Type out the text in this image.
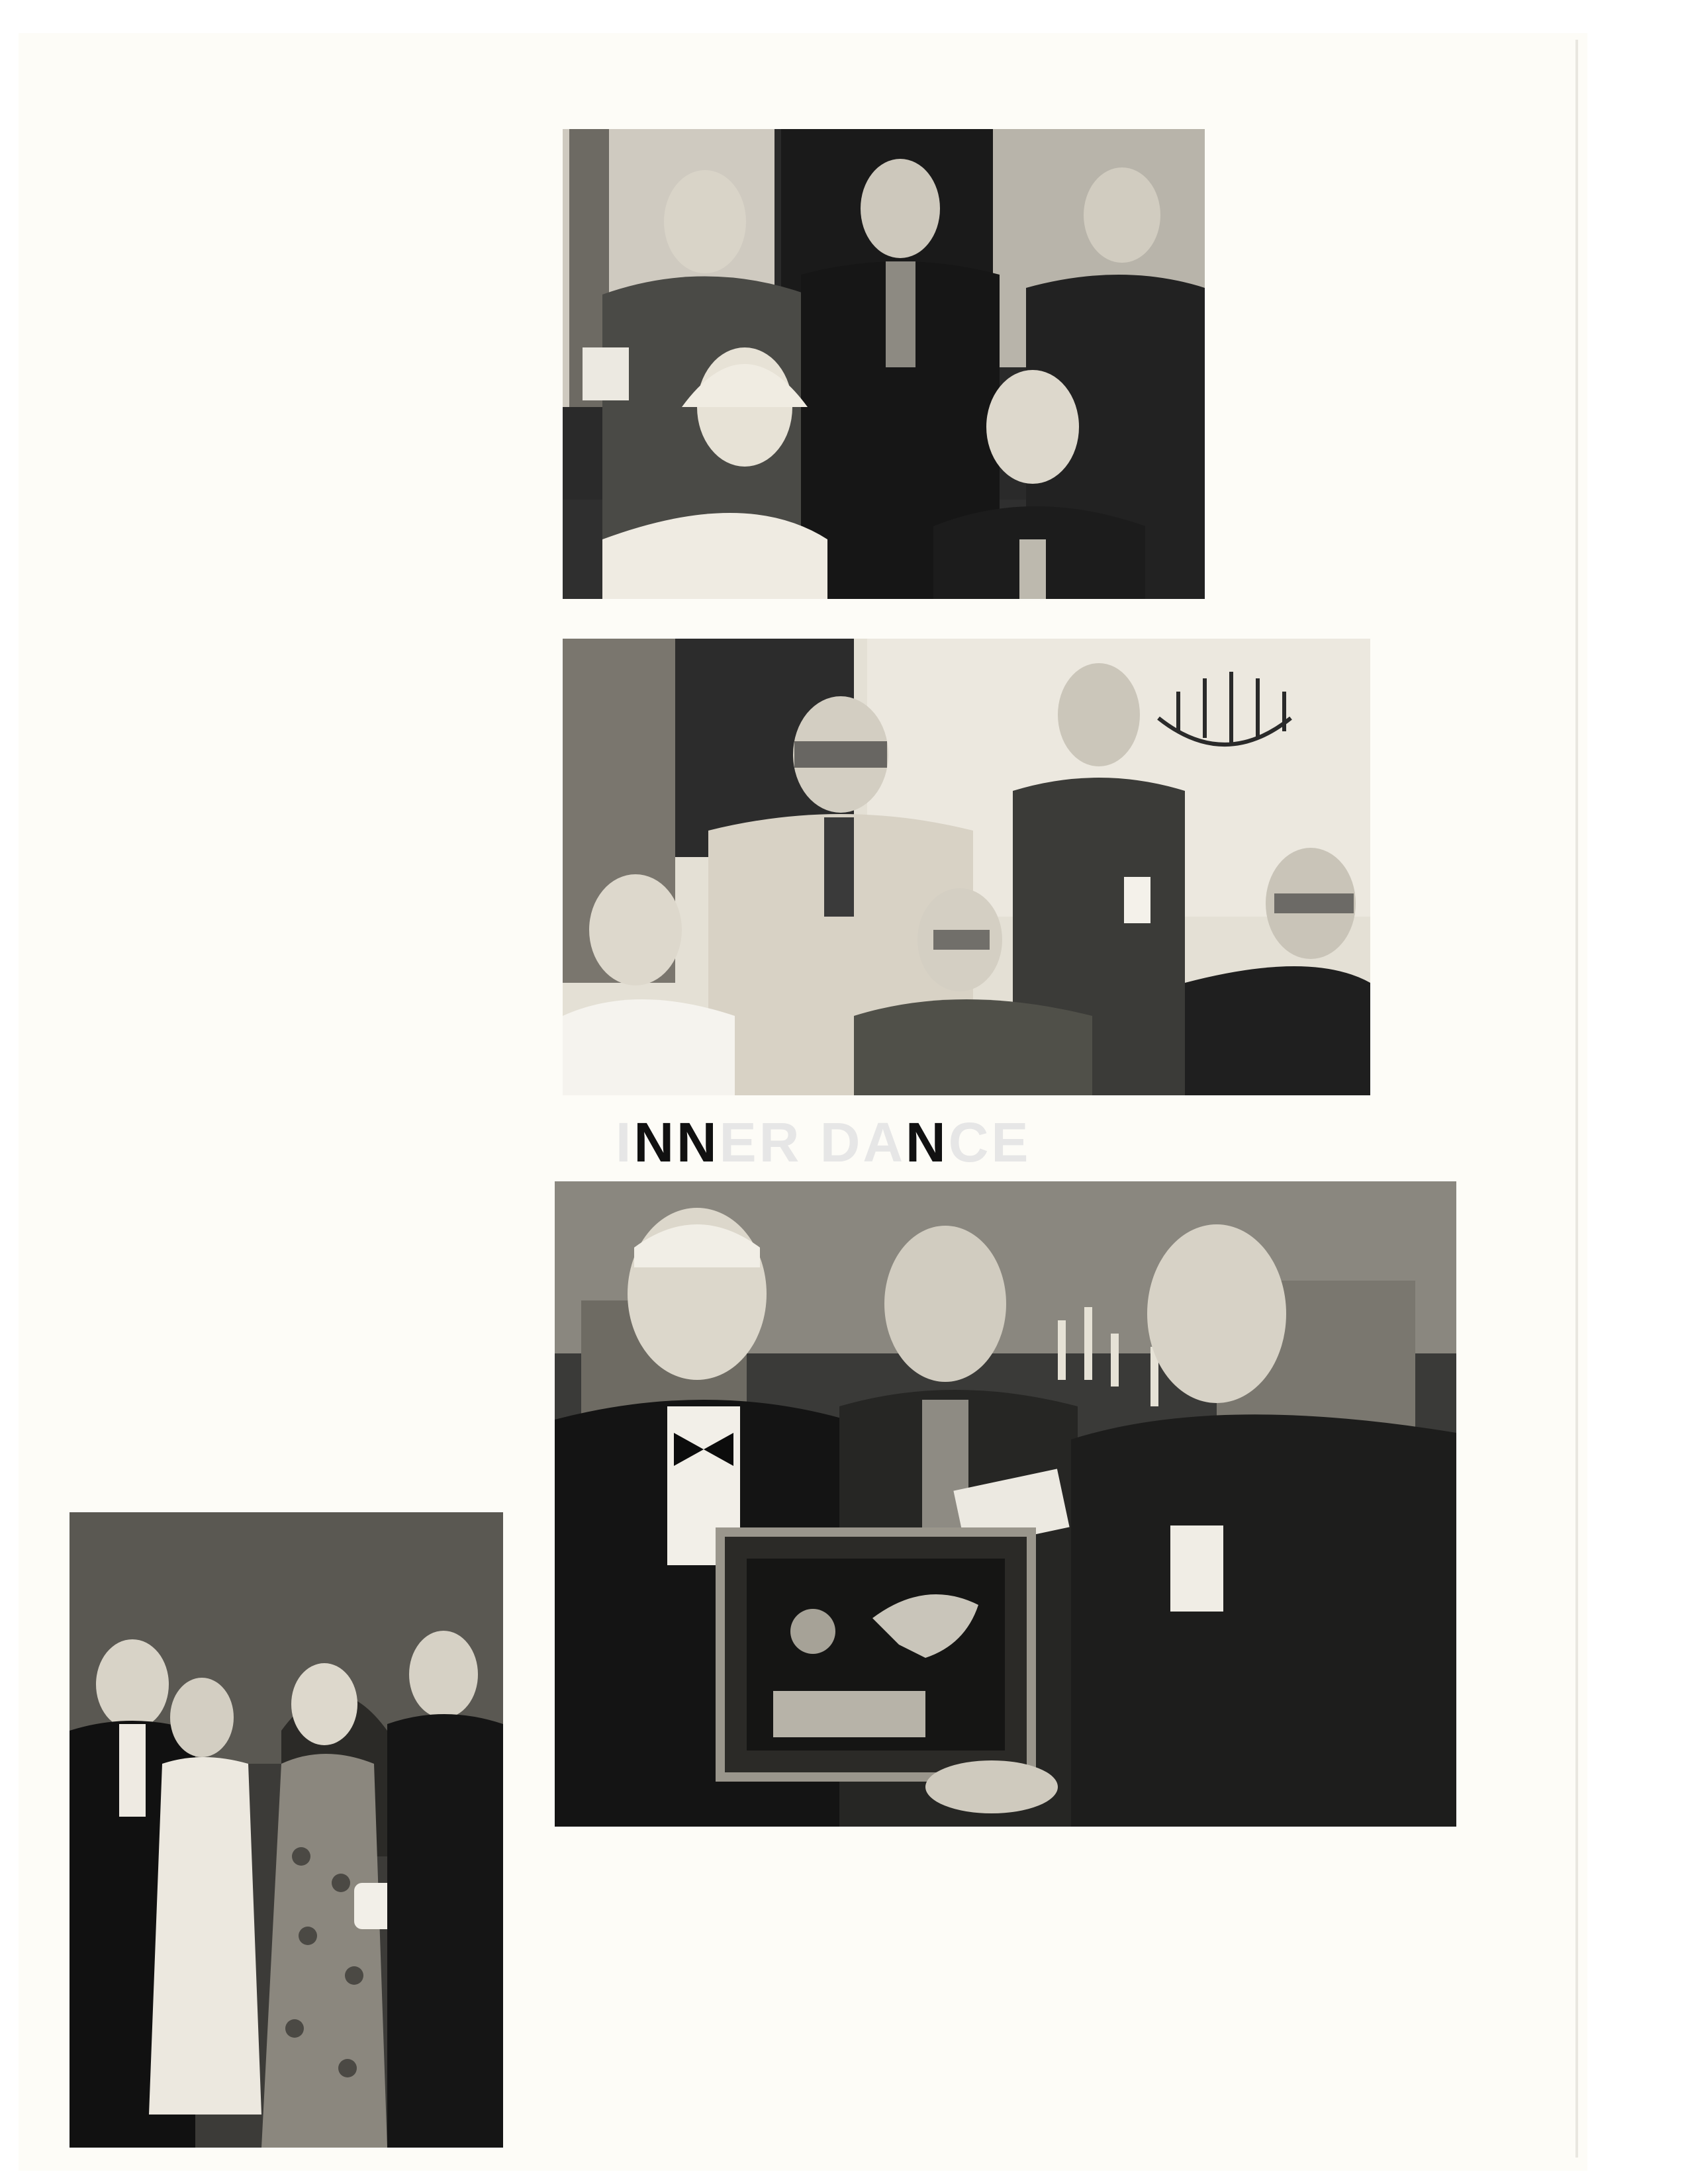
INNER DANCE
